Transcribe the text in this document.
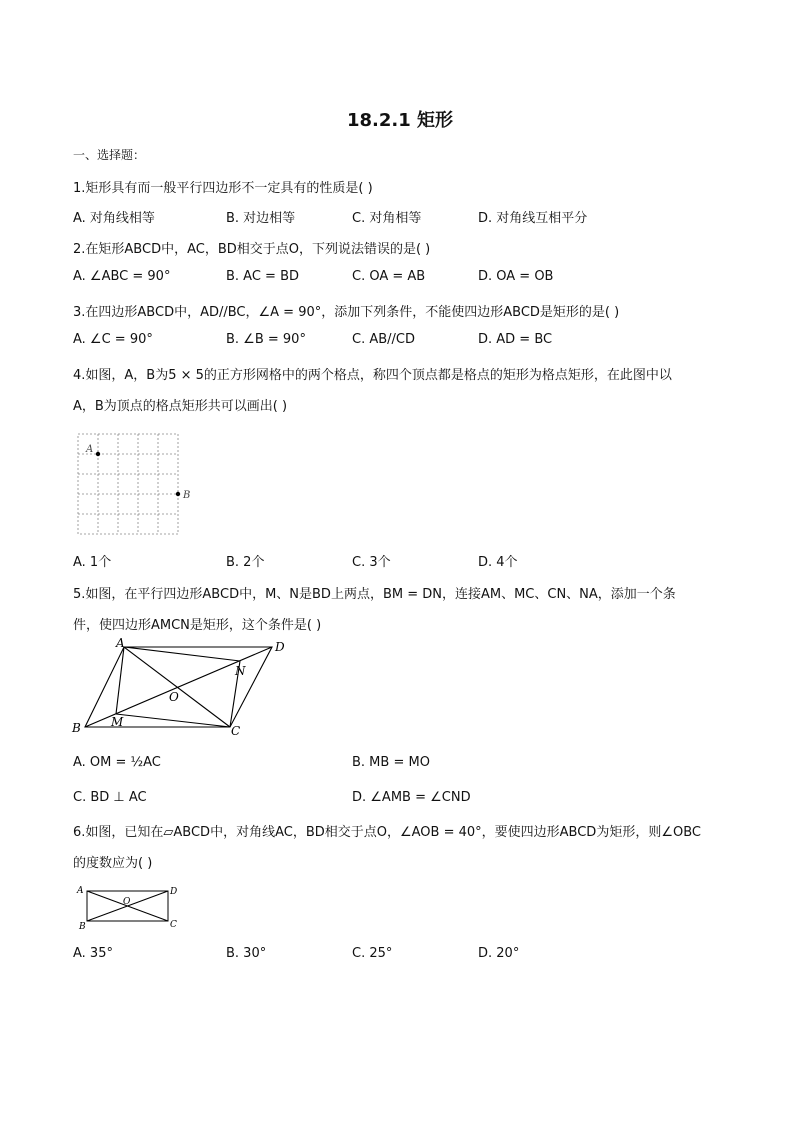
18.2.1 矩形
一、选择题：
1.矩形具有而一般平行四边形不一定具有的性质是( )
A. 对角线相等	B. 对边相等	C. 对角相等	D. 对角线互相平分
2.在矩形ABCD中，AC，BD相交于点O，下列说法错误的是( )
A. ∠ABC = 90°	B. AC = BD	C. OA = AB	D. OA = OB
3.在四边形ABCD中，AD//BC，∠A = 90°，添加下列条件，不能使四边形ABCD是矩形的是( )
A. ∠C = 90°	B. ∠B = 90°	C. AB//CD	D. AD = BC
4.如图，A，B为5 × 5的正方形网格中的两个格点，称四个顶点都是格点的矩形为格点矩形，在此图中以
A，B为顶点的格点矩形共可以画出( )
A
B
A. 1个	B. 2个	C. 3个	D. 4个
5.如图，在平行四边形ABCD中，M、N是BD上两点，BM = DN，连接AM、MC、CN、NA，添加一个条
件，使四边形AMCN是矩形，这个条件是( )
A	D
N
O
B	M
C
A. OM = ½AC	B. MB = MO
C. BD ⊥ AC	D. ∠AMB = ∠CND
6.如图，已知在▱ABCD中，对角线AC，BD相交于点O，∠AOB = 40°，要使四边形ABCD为矩形，则∠OBC
的度数应为( )
A	D
O
B	C
A. 35°	B. 30°	C. 25°	D. 20°
